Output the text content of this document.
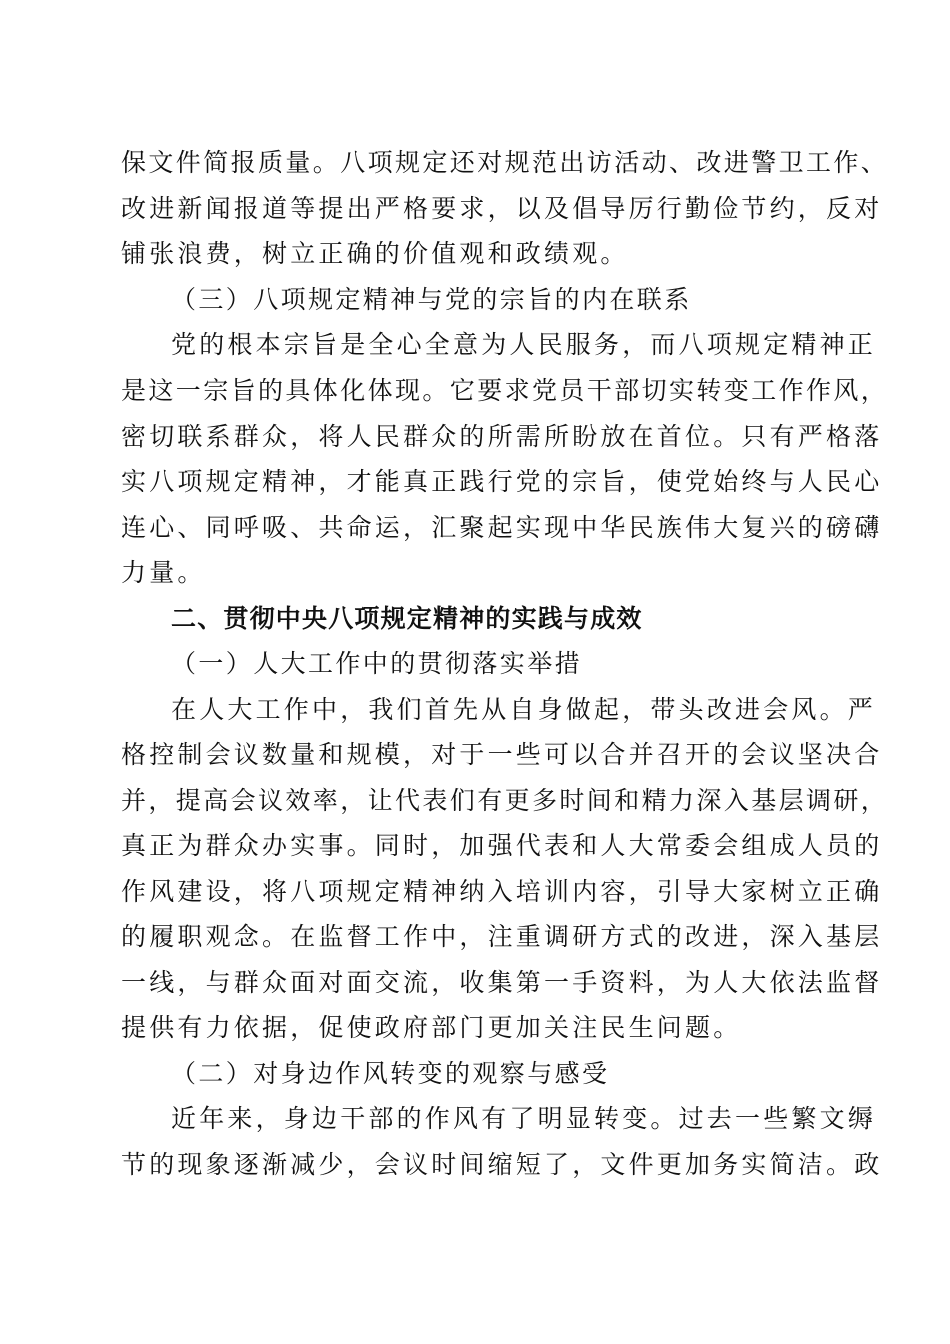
保文件简报质量。八项规定还对规范出访活动、改进警卫工作、
改进新闻报道等提出严格要求，以及倡导厉行勤俭节约，反对
铺张浪费，树立正确的价值观和政绩观。
（三）八项规定精神与党的宗旨的内在联系
党的根本宗旨是全心全意为人民服务，而八项规定精神正
是这一宗旨的具体化体现。它要求党员干部切实转变工作作风，
密切联系群众，将人民群众的所需所盼放在首位。只有严格落
实八项规定精神，才能真正践行党的宗旨，使党始终与人民心
连心、同呼吸、共命运，汇聚起实现中华民族伟大复兴的磅礴
力量。
二、贯彻中央八项规定精神的实践与成效
（一）人大工作中的贯彻落实举措
在人大工作中，我们首先从自身做起，带头改进会风。严
格控制会议数量和规模，对于一些可以合并召开的会议坚决合
并，提高会议效率，让代表们有更多时间和精力深入基层调研，
真正为群众办实事。同时，加强代表和人大常委会组成人员的
作风建设，将八项规定精神纳入培训内容，引导大家树立正确
的履职观念。在监督工作中，注重调研方式的改进，深入基层
一线，与群众面对面交流，收集第一手资料，为人大依法监督
提供有力依据，促使政府部门更加关注民生问题。
（二）对身边作风转变的观察与感受
近年来，身边干部的作风有了明显转变。过去一些繁文缛
节的现象逐渐减少，会议时间缩短了，文件更加务实简洁。政
